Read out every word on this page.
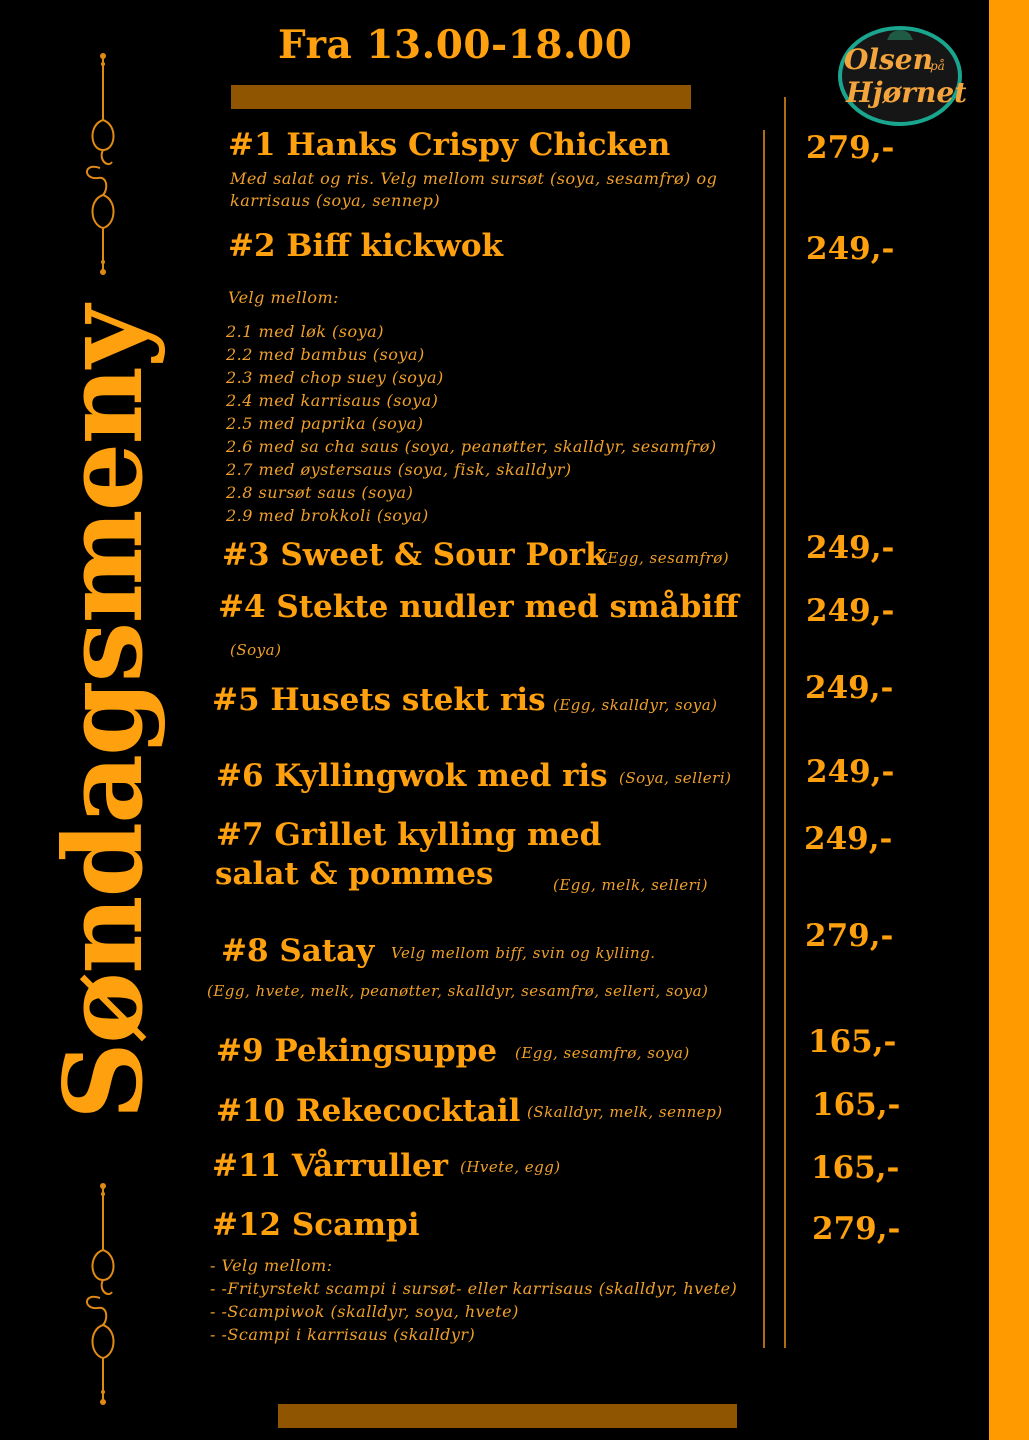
Fra 13.00-18.00	Olsen
på
Hjørnet
Søndagsmeny
#1 Hanks Crispy Chicken
Med salat og ris. Velg mellom sursøt (soya, sesamfrø) og
karrisaus (soya, sennep)
279,-
#2 Biff kickwok
Velg mellom:
2.1 med løk (soya)
2.2 med bambus (soya)
2.3 med chop suey (soya)
2.4 med karrisaus (soya)
2.5 med paprika (soya)
2.6 med sa cha saus (soya, peanøtter, skalldyr, sesamfrø)
2.7 med øystersaus (soya, fisk, skalldyr)
2.8 sursøt saus (soya)
2.9 med brokkoli (soya)
249,-
#3 Sweet & Sour Pork
(Egg, sesamfrø) 249,-
#4 Stekte nudler med småbiff
(Soya)
249,-
#5 Husets stekt ris (Egg, skalldyr, soya)	249,-
#6 Kyllingwok med ris (Soya, selleri) 249,-
#7 Grillet kylling med
salat & pommes	(Egg, melk, selleri)
249,-
#8 Satay Velg mellom biff, svin og kylling.
(Egg, hvete, melk, peanøtter, skalldyr, sesamfrø, selleri, soya)
279,-
#9 Pekingsuppe (Egg, sesamfrø, soya)	165,-
#10 Rekecocktail (Skalldyr, melk, sennep)	165,-
#11 Vårruller (Hvete, egg)	165,-
#12 Scampi
- Velg mellom:
- -Frityrstekt scampi i sursøt- eller karrisaus (skalldyr, hvete)
- -Scampiwok (skalldyr, soya, hvete)
- -Scampi i karrisaus (skalldyr)
279,-
